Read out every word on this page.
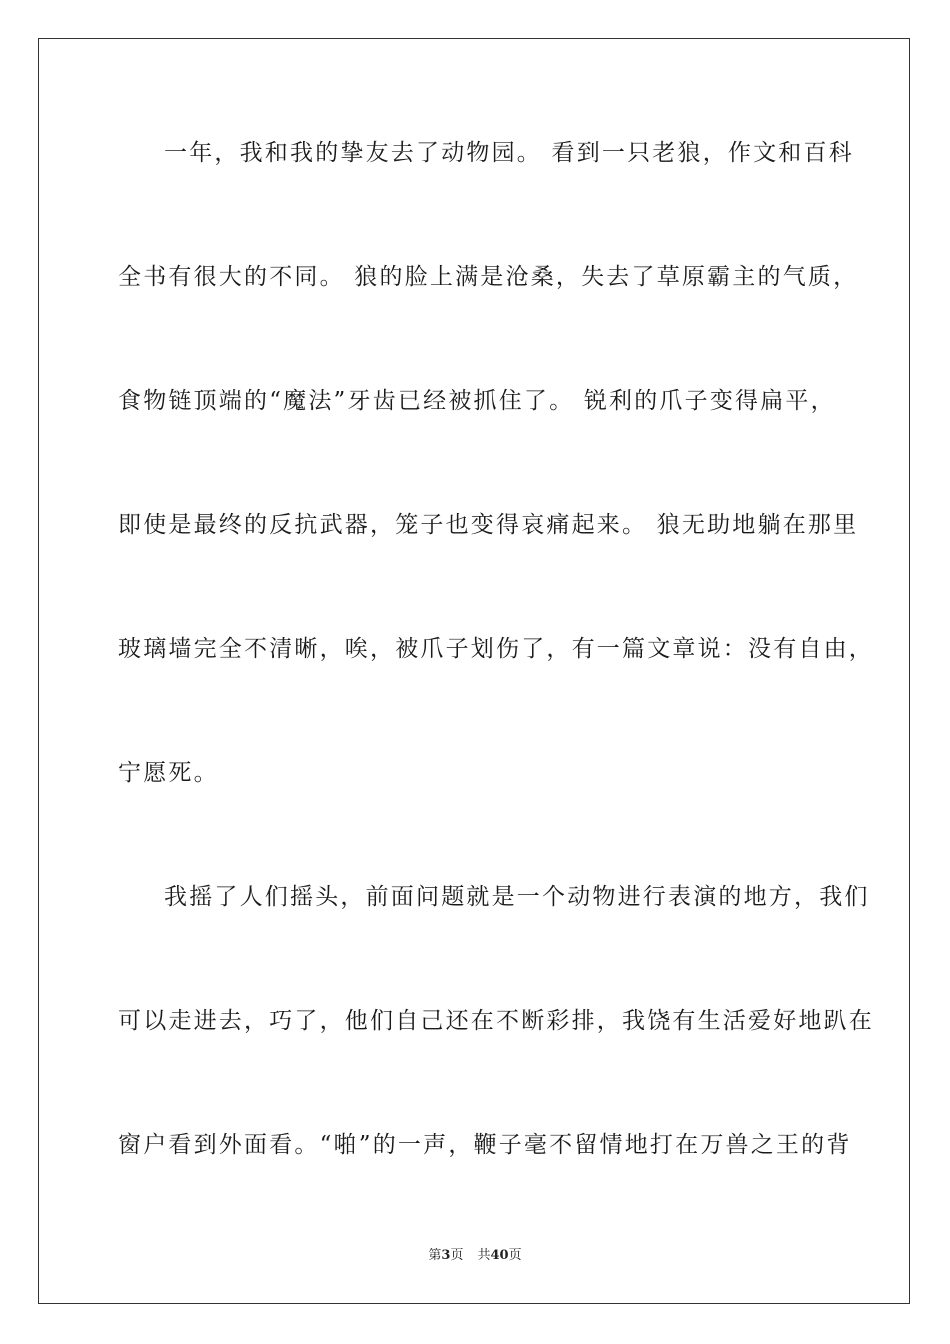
一年，我和我的挚友去了动物园。 看到一只老狼，作文和百科
全书有很大的不同。 狼的脸上满是沧桑，失去了草原霸主的气质，
食物链顶端的“魔法”牙齿已经被抓住了。 锐利的爪子变得扁平，
即使是最终的反抗武器，笼子也变得哀痛起来。 狼无助地躺在那里
玻璃墙完全不清晰，唉，被爪子划伤了，有一篇文章说：没有自由，
宁愿死。
我摇了人们摇头，前面问题就是一个动物进行表演的地方，我们
可以走进去，巧了，他们自己还在不断彩排，我饶有生活爱好地趴在
窗户看到外面看。“啪”的一声，鞭子毫不留情地打在万兽之王的背
第3页 共40页
